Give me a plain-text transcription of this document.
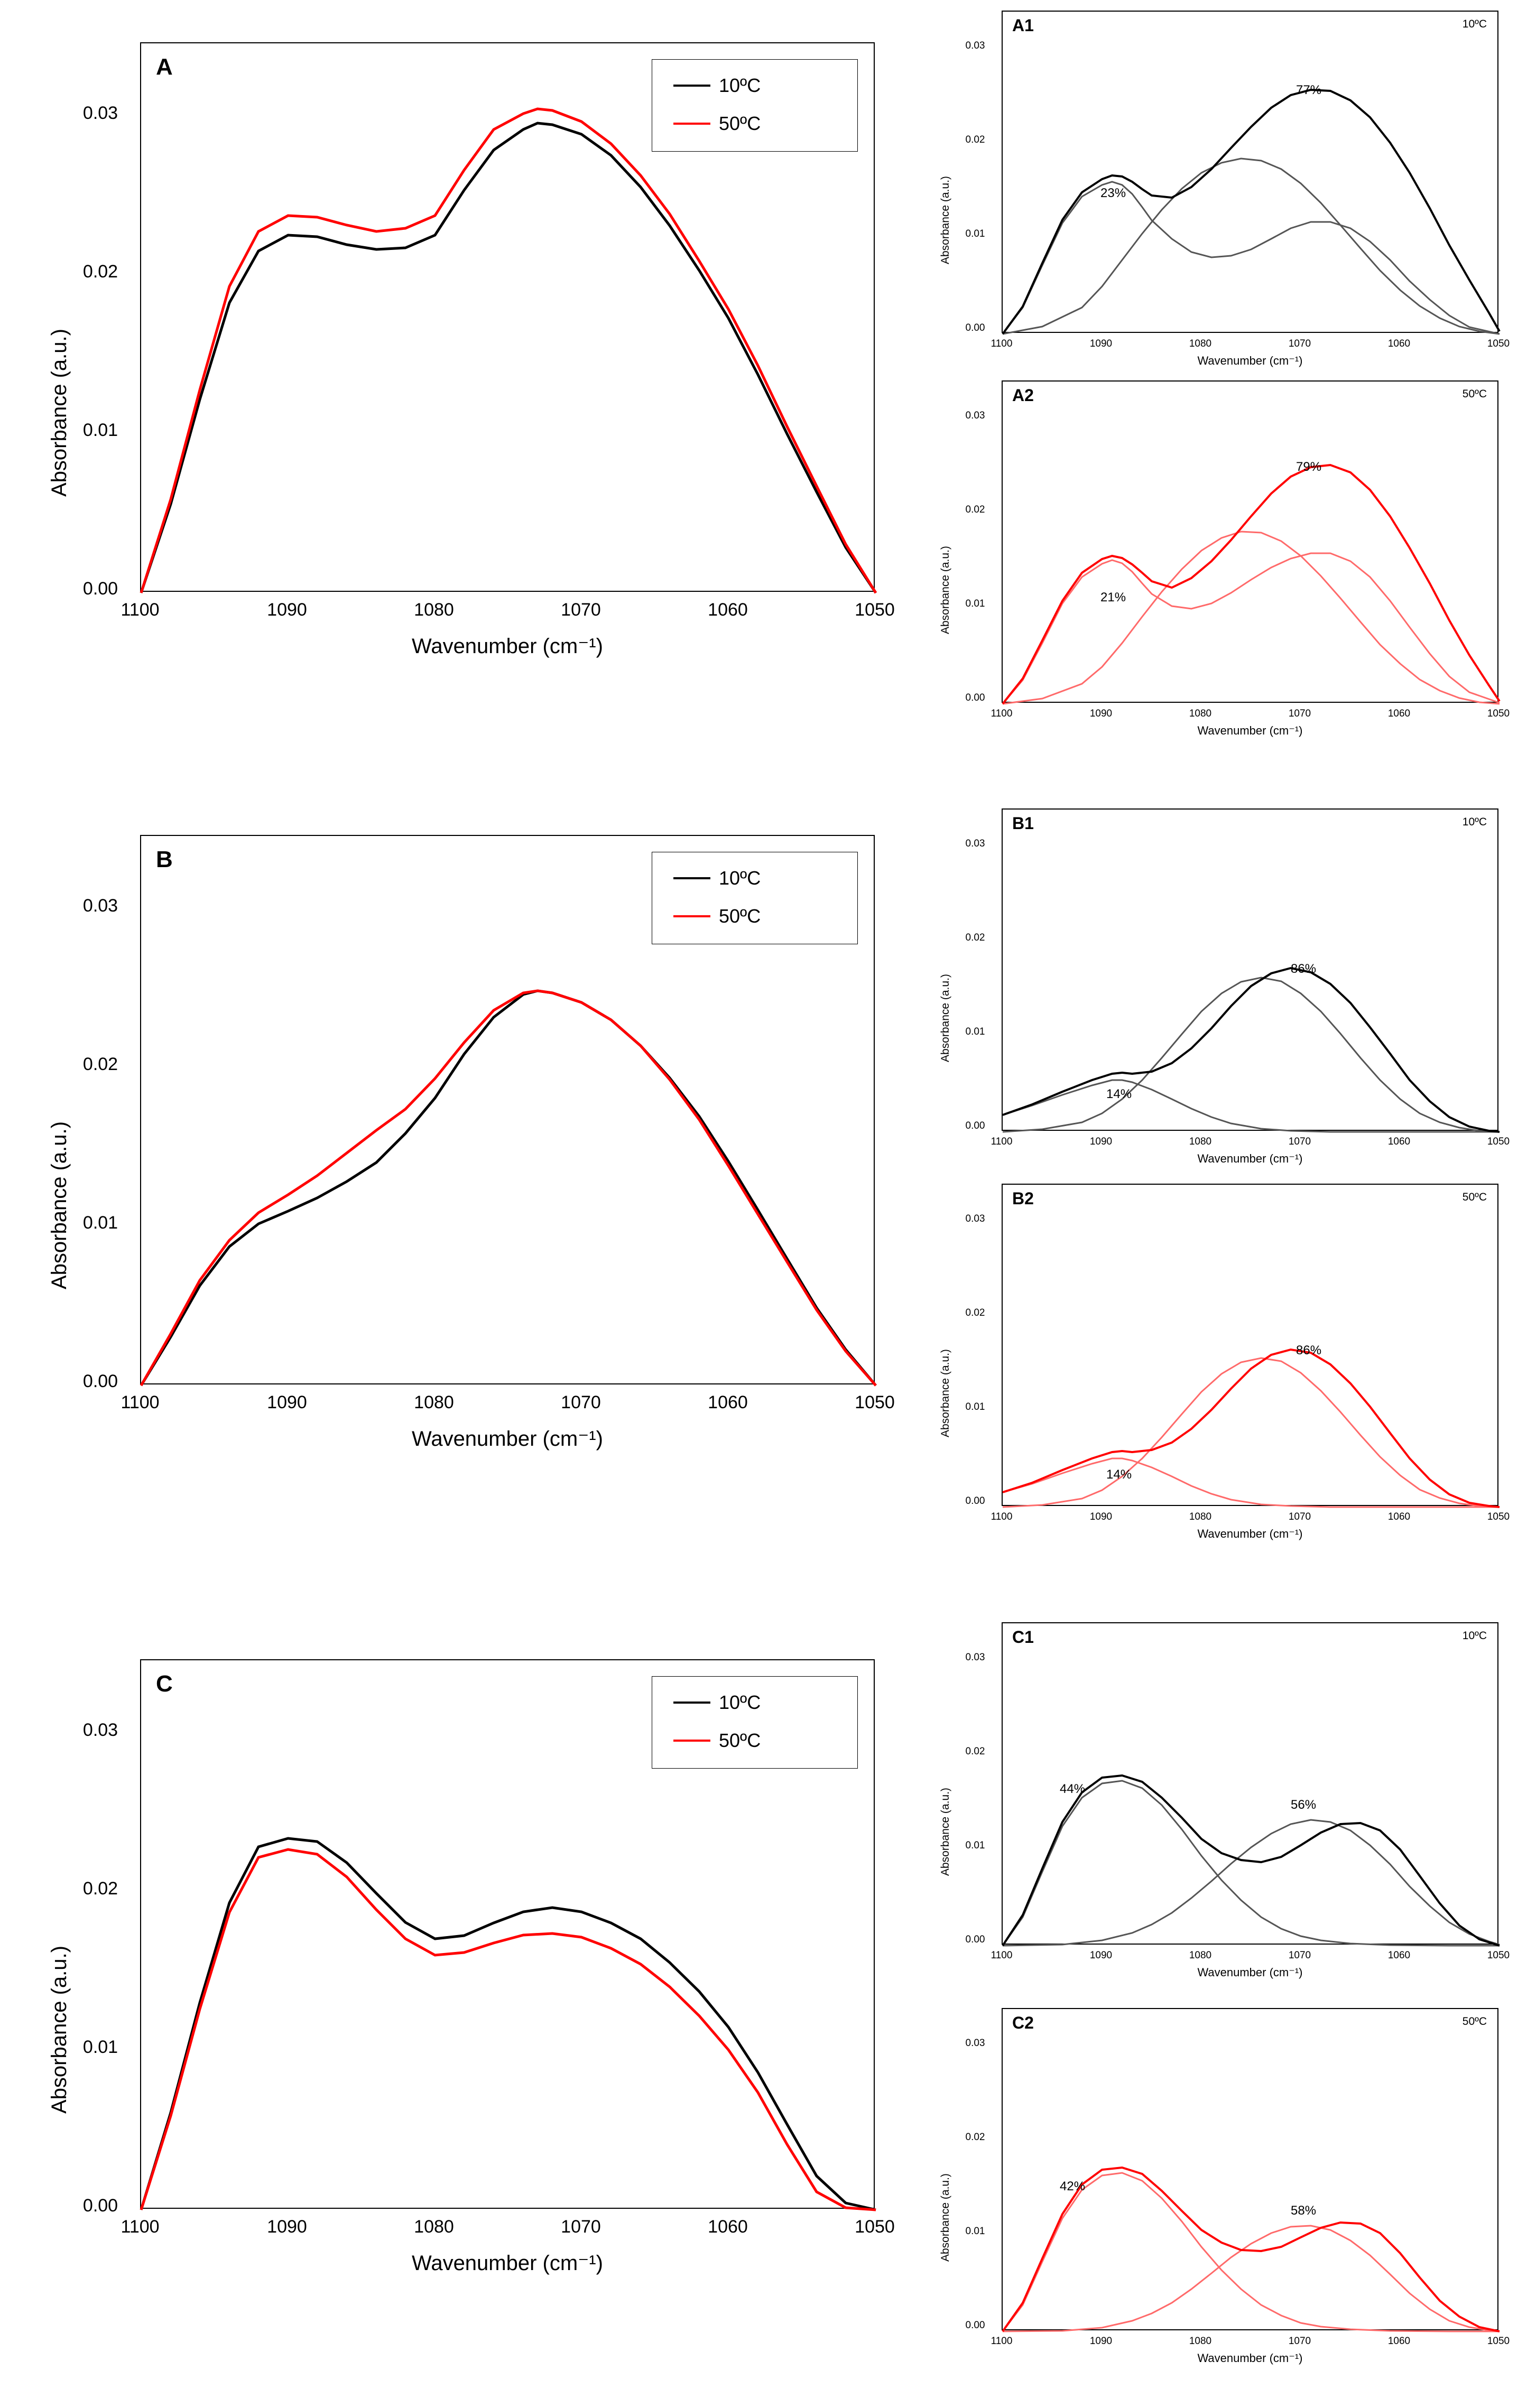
Absorbance (a.u.)
0.00
0.01
0.02
0.03
A
10ºC
50ºC
1100	1090	1080	1070	1060	1050
Wavenumber (cm⁻¹)
Absorbance (a.u.)
0.00
0.01
0.02
0.03
A1	10ºC
23%
77%
1100	1090	1080	1070	1060	1050
Wavenumber (cm⁻¹)
Absorbance (a.u.)
0.00
0.01
0.02
0.03
A2	50ºC
21%
79%
1100	1090	1080	1070	1060	1050
Wavenumber (cm⁻¹)
Absorbance (a.u.)
0.00
0.01
0.02
0.03
B
10ºC
50ºC
1100	1090	1080	1070	1060	1050
Wavenumber (cm⁻¹)
Absorbance (a.u.)
0.00
0.01
0.02
0.03
B1	10ºC
14%
86%
1100	1090	1080	1070	1060	1050
Wavenumber (cm⁻¹)
Absorbance (a.u.)
0.00
0.01
0.02
0.03
B2	50ºC
14%
86%
1100	1090	1080	1070	1060	1050
Wavenumber (cm⁻¹)
Absorbance (a.u.)
0.00
0.01
0.02
0.03
C
10ºC
50ºC
1100	1090	1080	1070	1060	1050
Wavenumber (cm⁻¹)
Absorbance (a.u.)
0.00
0.01
0.02
0.03
C1	10ºC
44%
56%
1100	1090	1080	1070	1060	1050
Wavenumber (cm⁻¹)
Absorbance (a.u.)
0.00
0.01
0.02
0.03
C2	50ºC
42%
58%
1100	1090	1080	1070	1060	1050
Wavenumber (cm⁻¹)
